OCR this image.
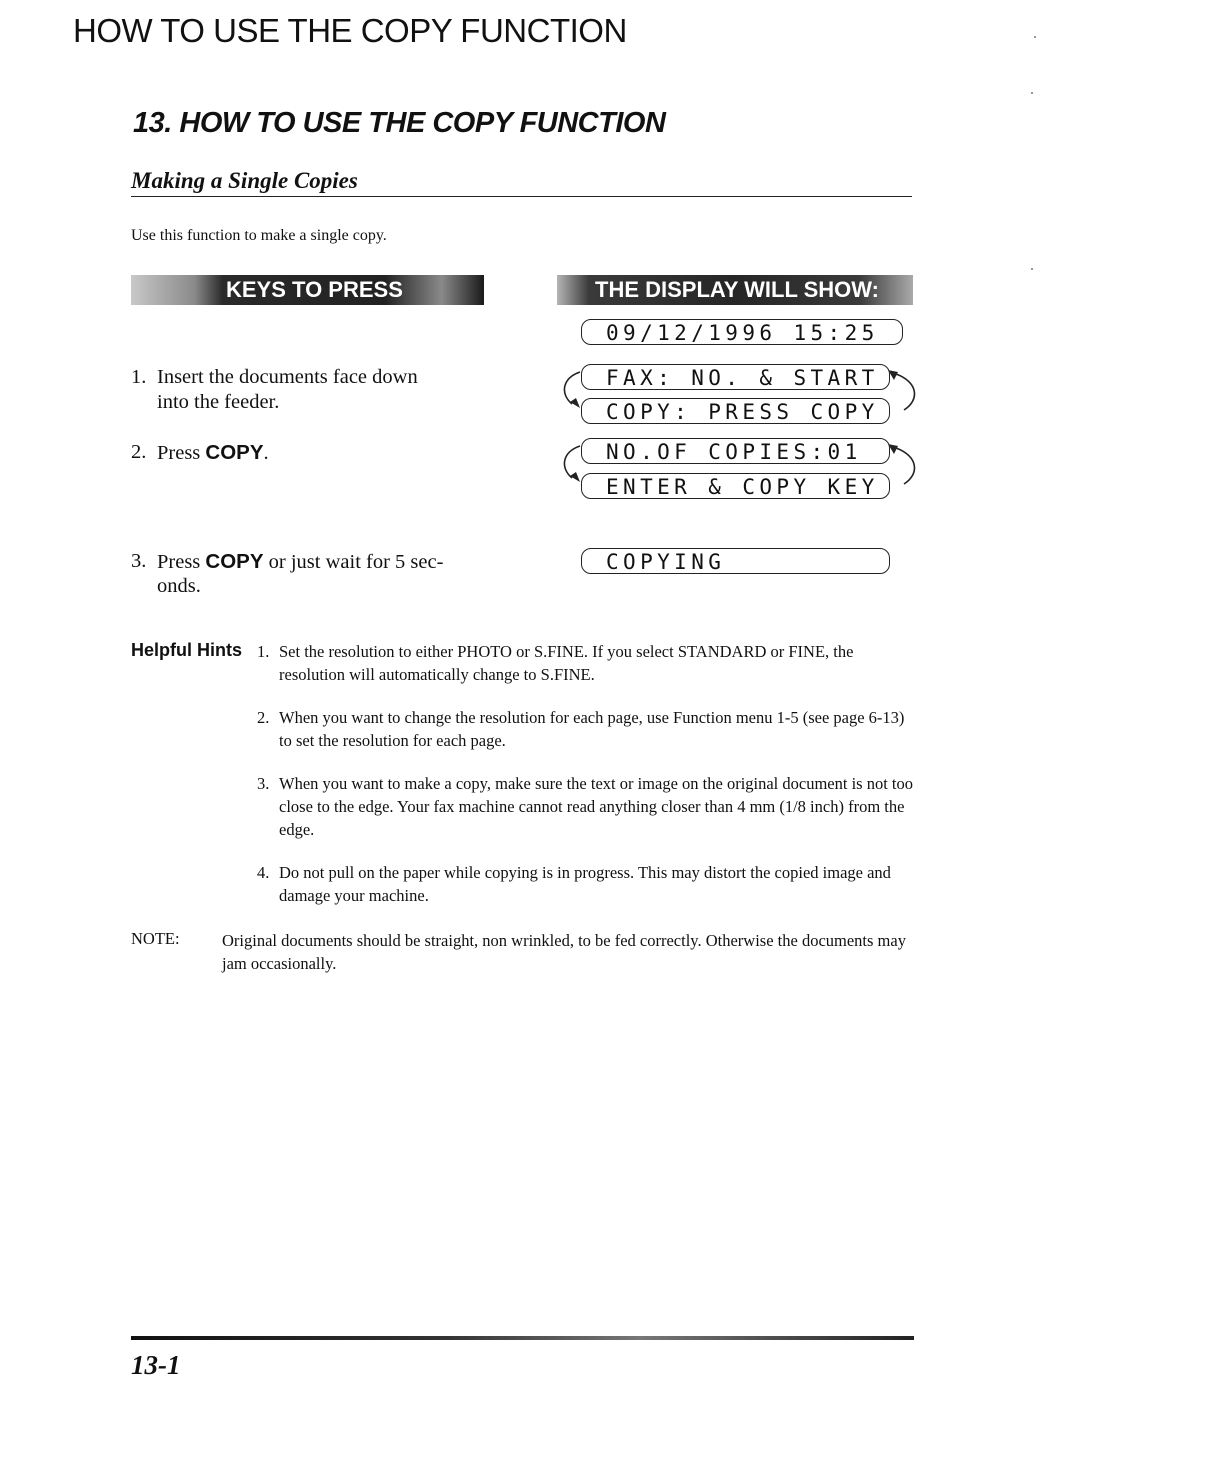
HOW TO USE THE COPY FUNCTION
13. HOW TO USE THE COPY FUNCTION
Making a Single Copies
Use this function to make a single copy.
KEYS TO PRESS	THE DISPLAY WILL SHOW:
1. Insert the documents face down
into the feeder.
2. Press COPY.
3. Press COPY or just wait for 5 sec-
onds.
09/12/1996 15:25
FAX: NO. & START
COPY: PRESS COPY
NO.OF COPIES:01
ENTER & COPY KEY
COPYING
Helpful Hints 1. Set the resolution to either PHOTO or S.FINE. If you select STANDARD or FINE, the resolution will automatically change to S.FINE.
2. When you want to change the resolution for each page, use Function menu 1-5 (see page 6-13) to set the resolution for each page.
3. When you want to make a copy, make sure the text or image on the original document is not too close to the edge. Your fax machine cannot read anything closer than 4 mm (1/8 inch) from the edge.
4. Do not pull on the paper while copying is in progress. This may distort the copied image and damage your machine.
NOTE:	Original documents should be straight, non wrinkled, to be fed correctly. Otherwise the documents may jam occasionally.
13-1
